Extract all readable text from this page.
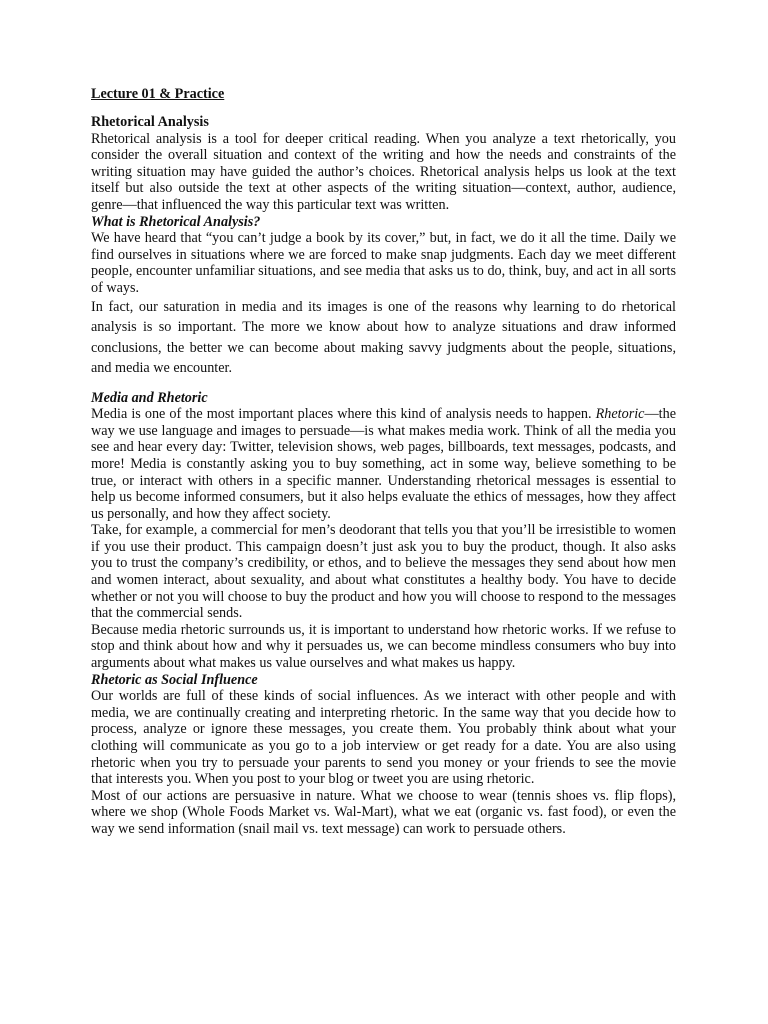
Lecture 01 & Practice

Rhetorical Analysis

Rhetorical analysis is a tool for deeper critical reading. When you analyze a text rhetorically, you consider the overall situation and context of the writing and how the needs and constraints of the writing situation may have guided the author’s choices. Rhetorical analysis helps us look at the text itself but also outside the text at other aspects of the writing situation—context, author, audience, genre—that influenced the way this particular text was written.

What is Rhetorical Analysis?

We have heard that “you can’t judge a book by its cover,” but, in fact, we do it all the time. Daily we find ourselves in situations where we are forced to make snap judgments. Each day we meet different people, encounter unfamiliar situations, and see media that asks us to do, think, buy, and act in all sorts of ways.

In fact, our saturation in media and its images is one of the reasons why learning to do rhetorical analysis is so important. The more we know about how to analyze situations and draw informed conclusions, the better we can become about making savvy judgments about the people, situations, and media we encounter.

Media and Rhetoric

Media is one of the most important places where this kind of analysis needs to happen. Rhetoric—the way we use language and images to persuade—is what makes media work. Think of all the media you see and hear every day: Twitter, television shows, web pages, billboards, text messages, podcasts, and more! Media is constantly asking you to buy something, act in some way, believe something to be true, or interact with others in a specific manner. Understanding rhetorical messages is essential to help us become informed consumers, but it also helps evaluate the ethics of messages, how they affect us personally, and how they affect society.

Take, for example, a commercial for men’s deodorant that tells you that you’ll be irresistible to women if you use their product. This campaign doesn’t just ask you to buy the product, though. It also asks you to trust the company’s credibility, or ethos, and to believe the messages they send about how men and women interact, about sexuality, and about what constitutes a healthy body. You have to decide whether or not you will choose to buy the product and how you will choose to respond to the messages that the commercial sends.

Because media rhetoric surrounds us, it is important to understand how rhetoric works. If we refuse to stop and think about how and why it persuades us, we can become mindless consumers who buy into arguments about what makes us value ourselves and what makes us happy.

Rhetoric as Social Influence

Our worlds are full of these kinds of social influences. As we interact with other people and with media, we are continually creating and interpreting rhetoric. In the same way that you decide how to process, analyze or ignore these messages, you create them. You probably think about what your clothing will communicate as you go to a job interview or get ready for a date. You are also using rhetoric when you try to persuade your parents to send you money or your friends to see the movie that interests you. When you post to your blog or tweet you are using rhetoric.

Most of our actions are persuasive in nature. What we choose to wear (tennis shoes vs. flip flops), where we shop (Whole Foods Market vs. Wal-Mart), what we eat (organic vs. fast food), or even the way we send information (snail mail vs. text message) can work to persuade others.
